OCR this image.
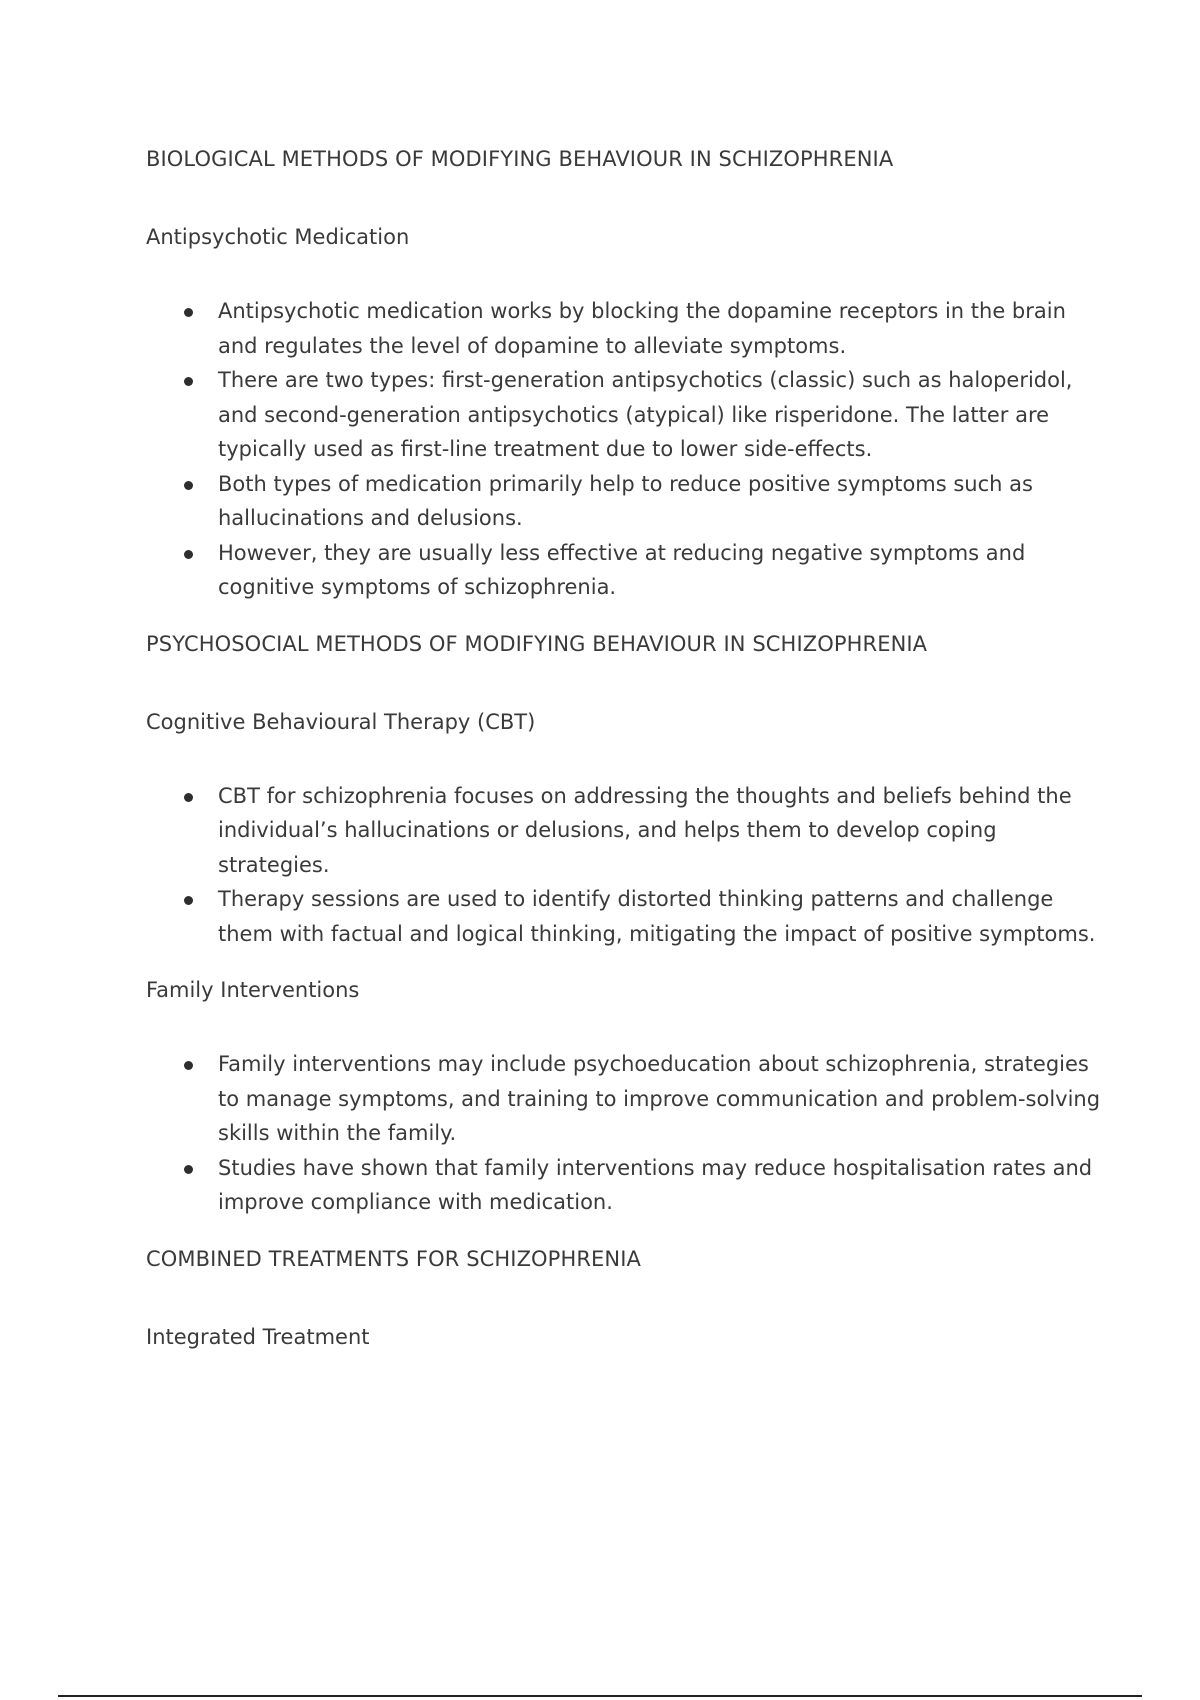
BIOLOGICAL METHODS OF MODIFYING BEHAVIOUR IN SCHIZOPHRENIA
Antipsychotic Medication
Antipsychotic medication works by blocking the dopamine receptors in the brain and regulates the level of dopamine to alleviate symptoms.
There are two types: first-generation antipsychotics (classic) such as haloperidol, and second-generation antipsychotics (atypical) like risperidone. The latter are typically used as first-line treatment due to lower side-effects.
Both types of medication primarily help to reduce positive symptoms such as hallucinations and delusions.
However, they are usually less effective at reducing negative symptoms and cognitive symptoms of schizophrenia.
PSYCHOSOCIAL METHODS OF MODIFYING BEHAVIOUR IN SCHIZOPHRENIA
Cognitive Behavioural Therapy (CBT)
CBT for schizophrenia focuses on addressing the thoughts and beliefs behind the individual’s hallucinations or delusions, and helps them to develop coping strategies.
Therapy sessions are used to identify distorted thinking patterns and challenge them with factual and logical thinking, mitigating the impact of positive symptoms.
Family Interventions
Family interventions may include psychoeducation about schizophrenia, strategies to manage symptoms, and training to improve communication and problem-solving skills within the family.
Studies have shown that family interventions may reduce hospitalisation rates and improve compliance with medication.
COMBINED TREATMENTS FOR SCHIZOPHRENIA
Integrated Treatment
